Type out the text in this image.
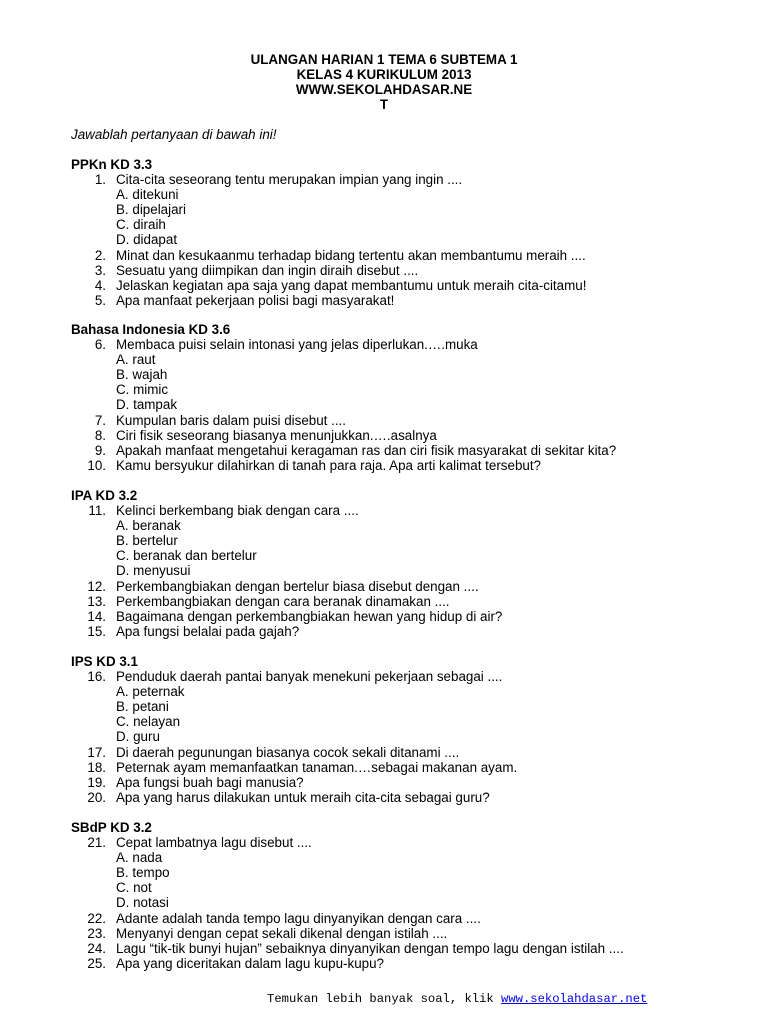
ULANGAN HARIAN 1 TEMA 6 SUBTEMA 1
KELAS 4 KURIKULUM 2013
WWW.SEKOLAHDASAR.NE
T
Jawablah pertanyaan di bawah ini!
PPKn KD 3.3
1. Cita-cita seseorang tentu merupakan impian yang ingin ....
A. ditekuni
B. dipelajari
C. diraih
D. didapat
2. Minat dan kesukaanmu terhadap bidang tertentu akan membantumu meraih ....
3. Sesuatu yang diimpikan dan ingin diraih disebut ....
4. Jelaskan kegiatan apa saja yang dapat membantumu untuk meraih cita-citamu!
5. Apa manfaat pekerjaan polisi bagi masyarakat!
Bahasa Indonesia KD 3.6
6. Membaca puisi selain intonasi yang jelas diperlukan.….muka
A. raut
B. wajah
C. mimic
D. tampak
7. Kumpulan baris dalam puisi disebut ....
8. Ciri fisik seseorang biasanya menunjukkan.….asalnya
9. Apakah manfaat mengetahui keragaman ras dan ciri fisik masyarakat di sekitar kita?
10. Kamu bersyukur dilahirkan di tanah para raja. Apa arti kalimat tersebut?
IPA KD 3.2
11. Kelinci berkembang biak dengan cara ....
A. beranak
B. bertelur
C. beranak dan bertelur
D. menyusui
12. Perkembangbiakan dengan bertelur biasa disebut dengan ....
13. Perkembangbiakan dengan cara beranak dinamakan ....
14. Bagaimana dengan perkembangbiakan hewan yang hidup di air?
15. Apa fungsi belalai pada gajah?
IPS KD 3.1
16. Penduduk daerah pantai banyak menekuni pekerjaan sebagai ....
A. peternak
B. petani
C. nelayan
D. guru
17. Di daerah pegunungan biasanya cocok sekali ditanami ....
18. Peternak ayam memanfaatkan tanaman.…sebagai makanan ayam.
19. Apa fungsi buah bagi manusia?
20. Apa yang harus dilakukan untuk meraih cita-cita sebagai guru?
SBdP KD 3.2
21. Cepat lambatnya lagu disebut ....
A. nada
B. tempo
C. not
D. notasi
22. Adante adalah tanda tempo lagu dinyanyikan dengan cara ....
23. Menyanyi dengan cepat sekali dikenal dengan istilah ....
24. Lagu “tik-tik bunyi hujan” sebaiknya dinyanyikan dengan tempo lagu dengan istilah ....
25. Apa yang diceritakan dalam lagu kupu-kupu?
Temukan lebih banyak soal, klik www.sekolahdasar.net
